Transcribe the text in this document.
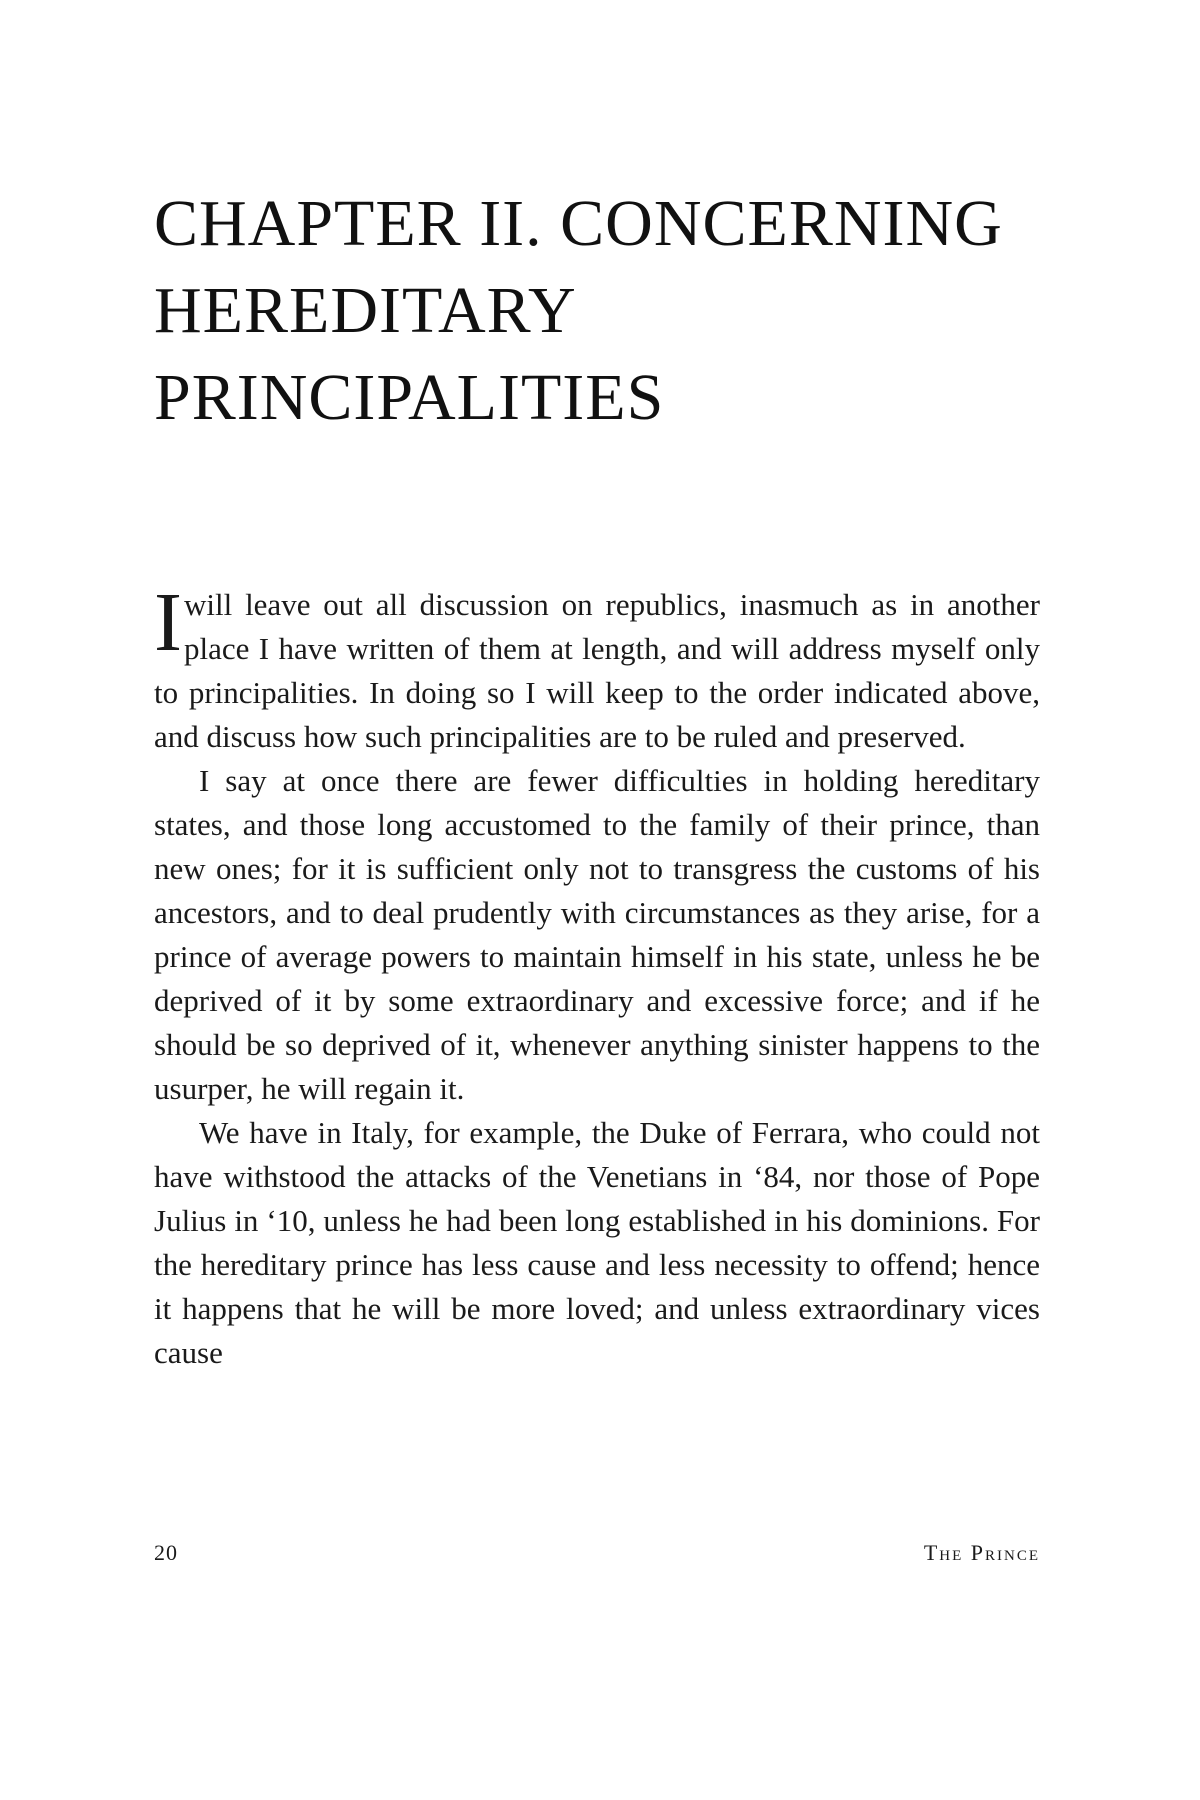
CHAPTER II. CONCERNING
HEREDITARY
PRINCIPALITIES

Iwill leave out all discussion on republics, inasmuch as in another place I have written of them at length, and will address myself only to principalities. In doing so I will keep to the order indicated above, and discuss how such principalities are to be ruled and preserved.

I say at once there are fewer difficulties in holding hereditary states, and those long accustomed to the family of their prince, than new ones; for it is sufficient only not to transgress the customs of his ancestors, and to deal prudently with circumstances as they arise, for a prince of average powers to maintain himself in his state, unless he be deprived of it by some extraordinary and excessive force; and if he should be so deprived of it, whenever anything sinister happens to the usurper, he will regain it.

We have in Italy, for example, the Duke of Ferrara, who could not have withstood the attacks of the Venetians in ‘84, nor those of Pope Julius in ‘10, unless he had been long established in his dominions. For the hereditary prince has less cause and less necessity to offend; hence it happens that he will be more loved; and unless extraordinary vices cause

20	The Prince
